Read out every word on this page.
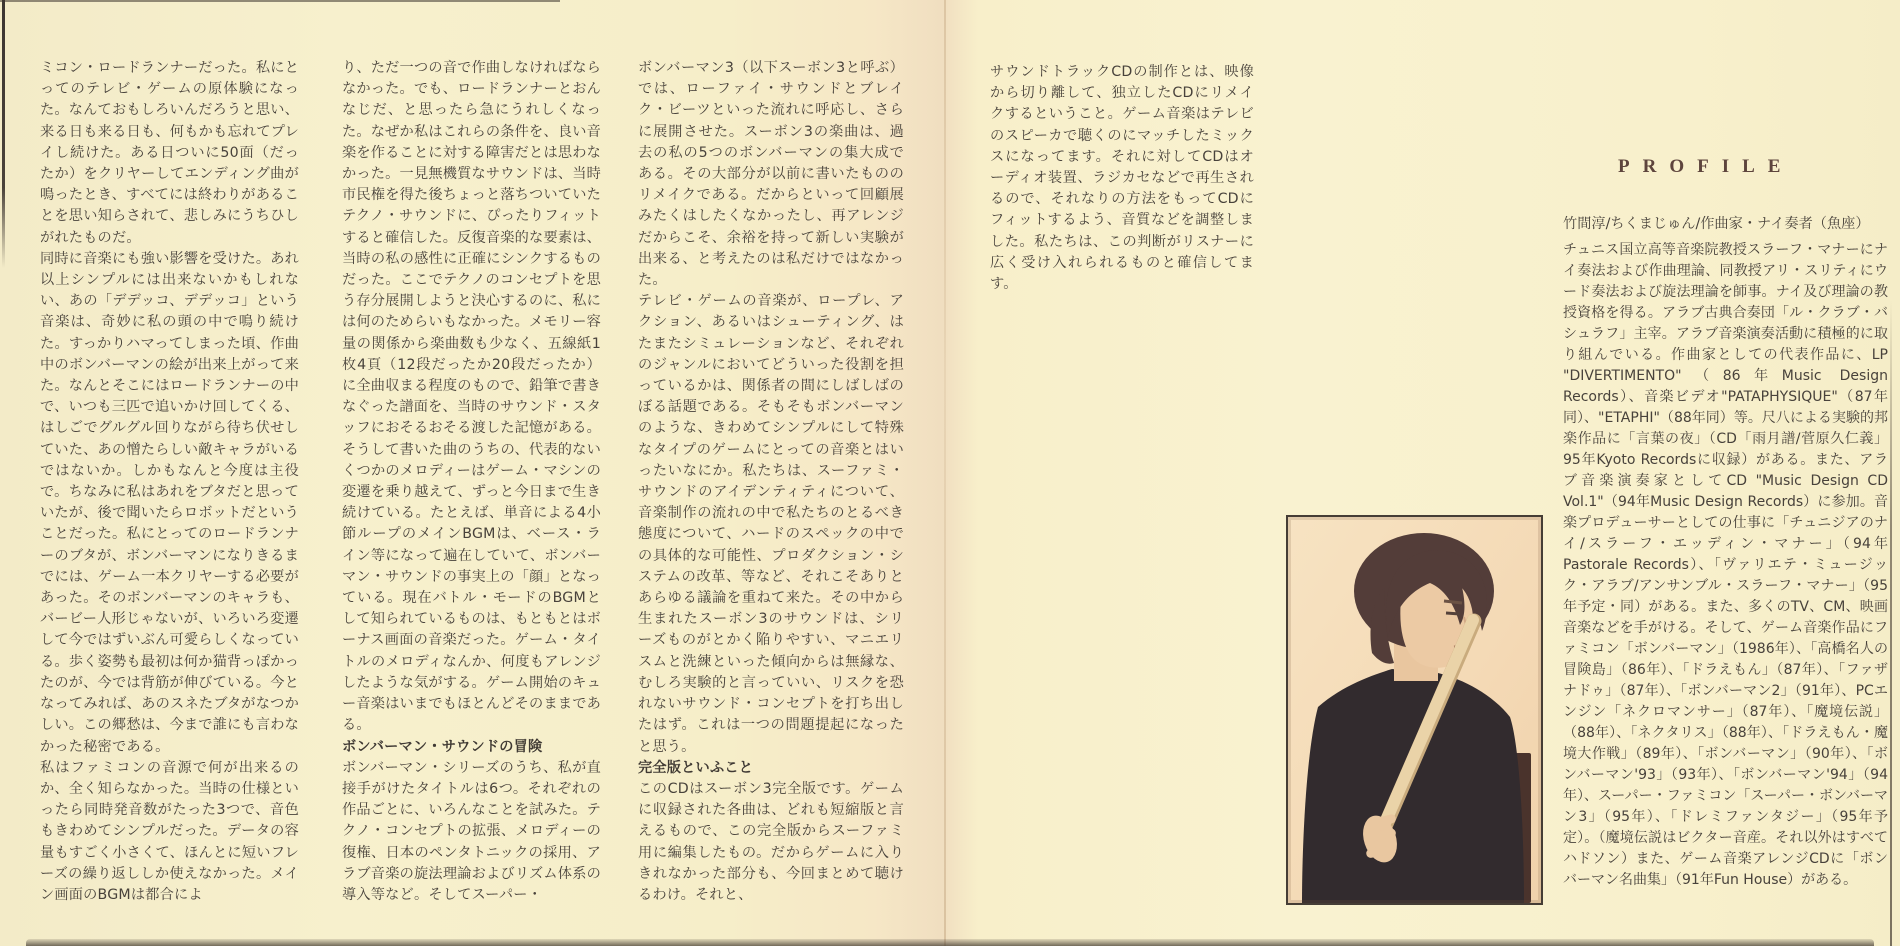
ミコン・ロードランナーだった。私にとってのテレビ・ゲームの原体験になった。なんておもしろいんだろうと思い、来る日も来る日も、何もかも忘れてプレイし続けた。ある日ついに50面（だったか）をクリヤーしてエンディング曲が鳴ったとき、すべてには終わりがあることを思い知らされて、悲しみにうちひしがれたものだ。
同時に音楽にも強い影響を受けた。あれ以上シンプルには出来ないかもしれない、あの「デデッコ、デデッコ」という音楽は、奇妙に私の頭の中で鳴り続けた。すっかりハマってしまった頃、作曲中のボンバーマンの絵が出来上がって来た。なんとそこにはロードランナーの中で、いつも三匹で追いかけ回してくる、はしごでグルグル回りながら待ち伏せしていた、あの憎たらしい敵キャラがいるではないか。しかもなんと今度は主役で。ちなみに私はあれをブタだと思っていたが、後で聞いたらロボットだということだった。私にとってのロードランナーのブタが、ボンバーマンになりきるまでには、ゲーム一本クリヤーする必要があった。そのボンバーマンのキャラも、バービー人形じゃないが、いろいろ変遷して今ではずいぶん可愛らしくなっている。歩く姿勢も最初は何か猫背っぽかったのが、今では背筋が伸びている。今となってみれば、あのスネたブタがなつかしい。この郷愁は、今まで誰にも言わなかった秘密である。
私はファミコンの音源で何が出来るのか、全く知らなかった。当時の仕様といったら同時発音数がたった3つで、音色もきわめてシンプルだった。データの容量もすごく小さくて、ほんとに短いフレーズの繰り返ししか使えなかった。メイン画面のBGMは都合によ
り、ただ一つの音で作曲しなければならなかった。でも、ロードランナーとおんなじだ、と思ったら急にうれしくなった。なぜか私はこれらの条件を、良い音楽を作ることに対する障害だとは思わなかった。一見無機質なサウンドは、当時市民権を得た後ちょっと落ちついていたテクノ・サウンドに、ぴったりフィットすると確信した。反復音楽的な要素は、当時の私の感性に正確にシンクするものだった。ここでテクノのコンセプトを思う存分展開しようと決心するのに、私には何のためらいもなかった。メモリー容量の関係から楽曲数も少なく、五線紙1枚4頁（12段だったか20段だったか）に全曲収まる程度のもので、鉛筆で書きなぐった譜面を、当時のサウンド・スタッフにおそるおそる渡した記憶がある。
そうして書いた曲のうちの、代表的ないくつかのメロディーはゲーム・マシンの変遷を乗り越えて、ずっと今日まで生き続けている。たとえば、単音による4小節ループのメインBGMは、ベース・ライン等になって遍在していて、ボンバーマン・サウンドの事実上の「顔」となっている。現在バトル・モードのBGMとして知られているものは、もともとはボーナス画面の音楽だった。ゲーム・タイトルのメロディなんか、何度もアレンジしたような気がする。ゲーム開始のキュー音楽はいまでもほとんどそのままである。
ボンバーマン・サウンドの冒険
ボンバーマン・シリーズのうち、私が直接手がけたタイトルは6つ。それぞれの作品ごとに、いろんなことを試みた。テクノ・コンセプトの拡張、メロディーの復権、日本のペンタトニックの採用、アラブ音楽の旋法理論およびリズム体系の導入等など。そしてスーパー・
ボンバーマン3（以下スーボン3と呼ぶ）では、ローファイ・サウンドとブレイク・ビーツといった流れに呼応し、さらに展開させた。スーボン3の楽曲は、過去の私の5つのボンバーマンの集大成である。その大部分が以前に書いたもののリメイクである。だからといって回顧展みたくはしたくなかったし、再アレンジだからこそ、余裕を持って新しい実験が出来る、と考えたのは私だけではなかった。
テレビ・ゲームの音楽が、ロープレ、アクション、あるいはシューティング、はたまたシミュレーションなど、それぞれのジャンルにおいてどういった役割を担っているかは、関係者の間にしばしばのぼる話題である。そもそもボンバーマンのような、きわめてシンプルにして特殊なタイプのゲームにとっての音楽とはいったいなにか。私たちは、スーファミ・サウンドのアイデンティティについて、音楽制作の流れの中で私たちのとるべき態度について、ハードのスペックの中での具体的な可能性、プロダクション・システムの改革、等など、それこそありとあらゆる議論を重ねて来た。その中から生まれたスーボン3のサウンドは、シリーズものがとかく陥りやすい、マニエリスムと洗練といった傾向からは無縁な、むしろ実験的と言っていい、リスクを恐れないサウンド・コンセプトを打ち出したはず。これは一つの問題提起になったと思う。
完全版といふこと
このCDはスーボン3完全版です。ゲームに収録された各曲は、どれも短縮版と言えるもので、この完全版からスーファミ用に編集したもの。だからゲームに入りきれなかった部分も、今回まとめて聴けるわけ。それと、
サウンドトラックCDの制作とは、映像から切り離して、独立したCDにリメイクするということ。ゲーム音楽はテレビのスピーカで聴くのにマッチしたミックスになってます。それに対してCDはオーディオ装置、ラジカセなどで再生されるので、それなりの方法をもってCDにフィットするよう、音質などを調整しました。私たちは、この判断がリスナーに広く受け入れられるものと確信してます。
PROFILE
竹間淳/ちくまじゅん/作曲家・ナイ奏者（魚座）
チュニス国立高等音楽院教授スラーフ・マナーにナイ奏法および作曲理論、同教授アリ・スリティにウード奏法および旋法理論を師事。ナイ及び理論の教授資格を得る。アラブ古典合奏団「ル・クラブ・バシュラフ」主宰。アラブ音楽演奏活動に積極的に取り組んでいる。作曲家としての代表作品に、LP "DIVERTIMENTO"（86年Music Design Records）、音楽ビデオ"PATAPHYSIQUE"（87年同）、"ETAPHI"（88年同）等。尺八による実験的邦楽作品に「言葉の夜」（CD「雨月譜/菅原久仁義」95年Kyoto Recordsに収録）がある。また、アラブ音楽演奏家としてCD "Music Design CD Vol.1"（94年Music Design Records）に参加。音楽プロデューサーとしての仕事に「チュニジアのナイ/スラーフ・エッディン・マナー」（94年Pastorale Records）、「ヴァリエテ・ミュージック・アラブ/アンサンブル・スラーフ・マナー」（95年予定・同）がある。また、多くのTV、CM、映画音楽などを手がける。そして、ゲーム音楽作品にファミコン「ボンバーマン」（1986年）、「高橋名人の冒険島」（86年）、「ドラえもん」（87年）、「ファザナドゥ」（87年）、「ボンバーマン2」（91年）、PCエンジン「ネクロマンサー」（87年）、「魔境伝説」（88年）、「ネクタリス」（88年）、「ドラえもん・魔境大作戦」（89年）、「ボンバーマン」（90年）、「ボンバーマン'93」（93年）、「ボンバーマン'94」（94年）、スーパー・ファミコン「スーパー・ボンバーマン3」（95年）、「ドレミファンタジー」（95年予定）。（魔境伝説はビクター音産。それ以外はすべてハドソン）また、ゲーム音楽アレンジCDに「ボンバーマン名曲集」（91年Fun House）がある。
